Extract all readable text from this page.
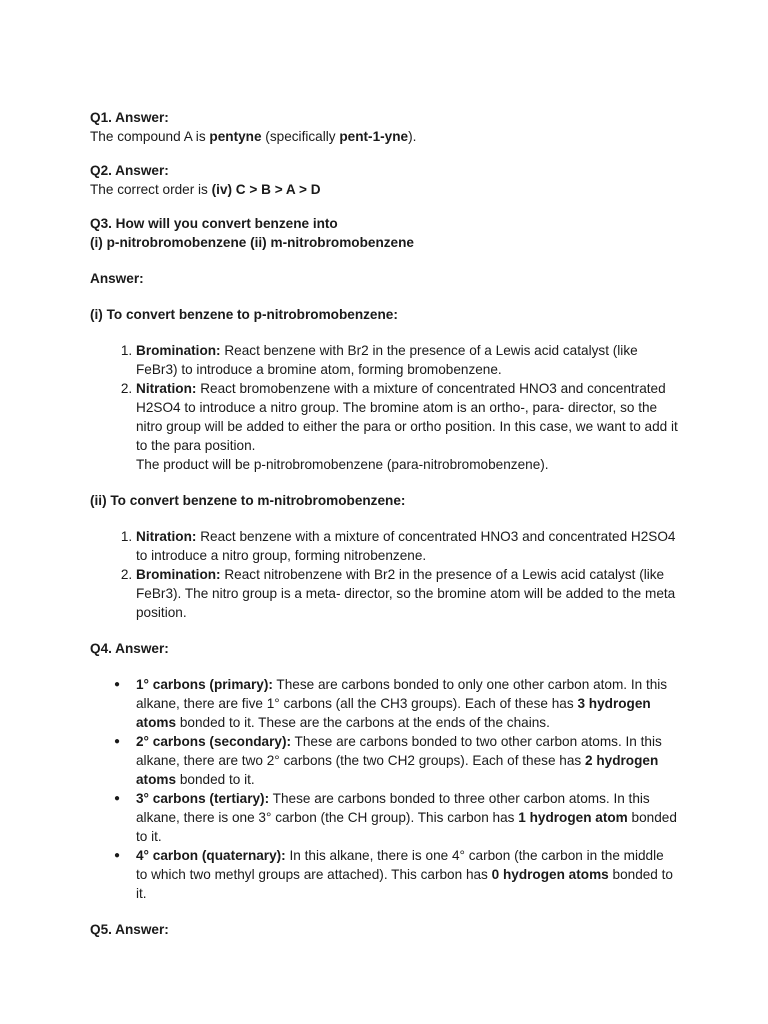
Q1. Answer:

The compound A is pentyne (specifically pent-1-yne).

Q2. Answer:

The correct order is (iv) C > B > A > D

Q3. How will you convert benzene into

(i) p-nitrobromobenzene (ii) m-nitrobromobenzene

Answer:

(i) To convert benzene to p-nitrobromobenzene:

1. Bromination: React benzene with Br2 in the presence of a Lewis acid catalyst (like FeBr3) to introduce a bromine atom, forming bromobenzene.
2. Nitration: React bromobenzene with a mixture of concentrated HNO3 and concentrated H2SO4 to introduce a nitro group. The bromine atom is an ortho-, para- director, so the nitro group will be added to either the para or ortho position. In this case, we want to add it to the para position.
The product will be p-nitrobromobenzene (para-nitrobromobenzene).

(ii) To convert benzene to m-nitrobromobenzene:

1. Nitration: React benzene with a mixture of concentrated HNO3 and concentrated H2SO4 to introduce a nitro group, forming nitrobenzene.
2. Bromination: React nitrobenzene with Br2 in the presence of a Lewis acid catalyst (like FeBr3). The nitro group is a meta- director, so the bromine atom will be added to the meta position.

Q4. Answer:

● 1° carbons (primary): These are carbons bonded to only one other carbon atom. In this alkane, there are five 1° carbons (all the CH3 groups). Each of these has 3 hydrogen atoms bonded to it. These are the carbons at the ends of the chains.
● 2° carbons (secondary): These are carbons bonded to two other carbon atoms. In this alkane, there are two 2° carbons (the two CH2 groups). Each of these has 2 hydrogen atoms bonded to it.
● 3° carbons (tertiary): These are carbons bonded to three other carbon atoms. In this alkane, there is one 3° carbon (the CH group). This carbon has 1 hydrogen atom bonded to it.
● 4° carbon (quaternary): In this alkane, there is one 4° carbon (the carbon in the middle to which two methyl groups are attached). This carbon has 0 hydrogen atoms bonded to it.

Q5. Answer:
